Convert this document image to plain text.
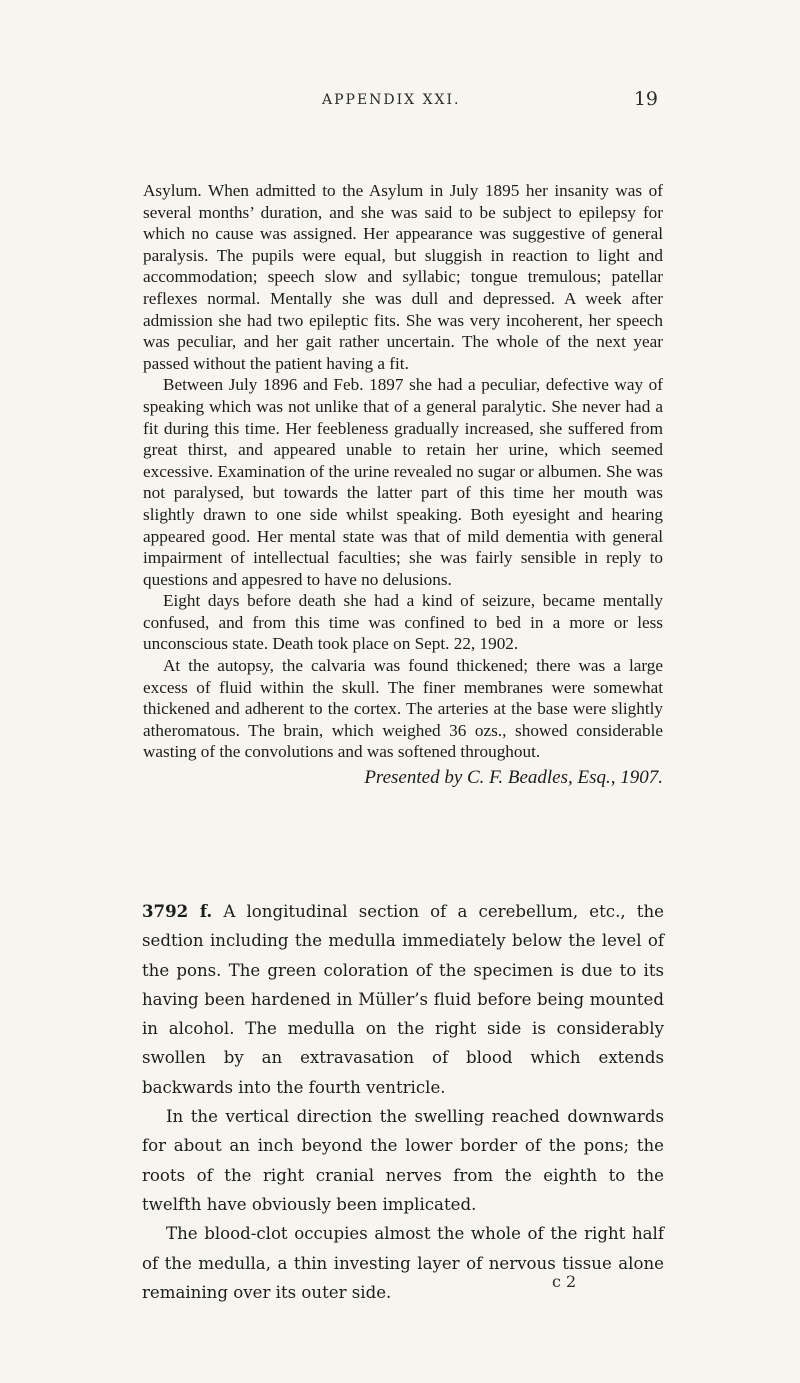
APPENDIX XXI.	19

Asylum. When admitted to the Asylum in July 1895 her insanity was of several months’ duration, and she was said to be subject to epilepsy for which no cause was assigned. Her appearance was suggestive of general paralysis. The pupils were equal, but sluggish in reaction to light and accommodation; speech slow and syllabic; tongue tremulous; patellar reflexes normal. Mentally she was dull and depressed. A week after admission she had two epileptic fits. She was very incoherent, her speech was peculiar, and her gait rather uncertain. The whole of the next year passed without the patient having a fit.

Between July 1896 and Feb. 1897 she had a peculiar, defective way of speaking which was not unlike that of a general paralytic. She never had a fit during this time. Her feebleness gradually increased, she suffered from great thirst, and appeared unable to retain her urine, which seemed excessive. Examination of the urine revealed no sugar or albumen. She was not paralysed, but towards the latter part of this time her mouth was slightly drawn to one side whilst speaking. Both eyesight and hearing appeared good. Her mental state was that of mild dementia with general impairment of intellectual faculties; she was fairly sensible in reply to questions and appesred to have no delusions.

Eight days before death she had a kind of seizure, became mentally confused, and from this time was confined to bed in a more or less unconscious state. Death took place on Sept. 22, 1902.

At the autopsy, the calvaria was found thickened; there was a large excess of fluid within the skull. The finer membranes were somewhat thickened and adherent to the cortex. The arteries at the base were slightly atheromatous. The brain, which weighed 36 ozs., showed considerable wasting of the convolutions and was softened throughout.

Presented by C. F. Beadles, Esq., 1907.

3792 f. A longitudinal section of a cerebellum, etc., the sedtion including the medulla immediately below the level of the pons. The green coloration of the specimen is due to its having been hardened in Müller’s fluid before being mounted in alcohol. The medulla on the right side is considerably swollen by an extravasation of blood which extends backwards into the fourth ventricle.

In the vertical direction the swelling reached downwards for about an inch beyond the lower border of the pons; the roots of the right cranial nerves from the eighth to the twelfth have obviously been implicated.

The blood-clot occupies almost the whole of the right half of the medulla, a thin investing layer of nervous tissue alone remaining over its outer side.

c 2
